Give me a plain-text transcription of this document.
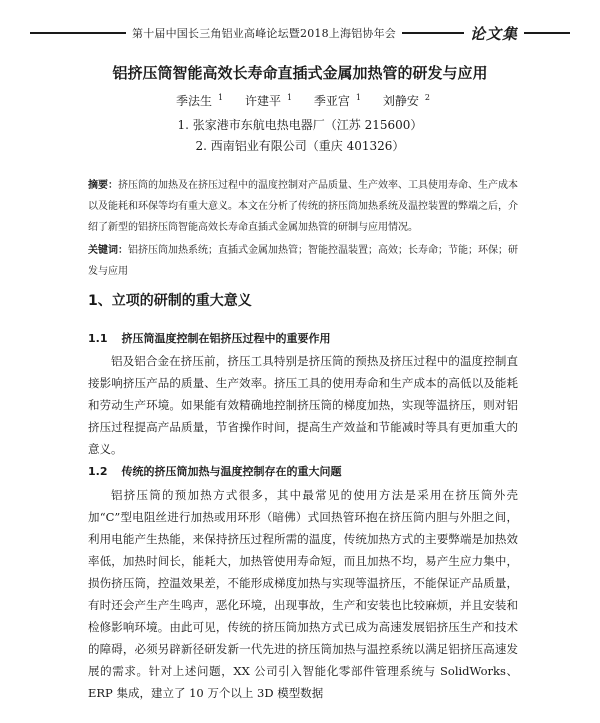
第十届中国长三角铝业高峰论坛暨2018上海铝协年会	论文集
铝挤压筒智能高效长寿命直插式金属加热管的研发与应用
季法生 $^1$ 许建平 $^1$ 季亚宫 $^1$ 刘静安 $^2$
1. 张家港市东航电热电器厂（江苏 215600）
2. 西南铝业有限公司（重庆 401326）
摘要：挤压筒的加热及在挤压过程中的温度控制对产品质量、生产效率、工具使用寿命、生产成本以及能耗和环保等均有重大意义。本文在分析了传统的挤压筒加热系统及温控装置的弊端之后，介绍了新型的铝挤压筒智能高效长寿命直插式金属加热管的研制与应用情况。
关键词：铝挤压筒加热系统；直插式金属加热管；智能控温装置；高效；长寿命；节能；环保；研发与应用
1、立项的研制的重大意义
1.1 挤压筒温度控制在铝挤压过程中的重要作用
铝及铝合金在挤压前，挤压工具特别是挤压筒的预热及挤压过程中的温度控制直接影响挤压产品的质量、生产效率。挤压工具的使用寿命和生产成本的高低以及能耗和劳动生产环境。如果能有效精确地控制挤压筒的梯度加热，实现等温挤压，则对铝挤压过程提高产品质量，节省操作时间，提高生产效益和节能减时等具有更加重大的意义。
1.2 传统的挤压筒加热与温度控制存在的重大问题
铝挤压筒的预加热方式很多，其中最常见的使用方法是采用在挤压筒外壳加“C”型电阻丝进行加热或用环形（暗佛）式回热管环抱在挤压筒内胆与外胆之间，利用电能产生热能，来保持挤压过程所需的温度，传统加热方式的主要弊端是加热效率低，加热时间长，能耗大，加热管使用寿命短，而且加热不均，易产生应力集中，损伤挤压筒，控温效果差，不能形成梯度加热与实现等温挤压，不能保证产品质量，有时还会产生产生鸣声，恶化环境，出现事故，生产和安装也比较麻烦，并且安装和检修影响环境。由此可见，传统的挤压筒加热方式已成为高速发展铝挤压生产和技术的障碍，必须另辟新径研发新一代先进的挤压筒加热与温控系统以满足铝挤压高速发展的需求。针对上述问题，XX 公司引入智能化零部件管理系统与 SolidWorks、ERP 集成，建立了 10 万个以上 3D 模型数据
